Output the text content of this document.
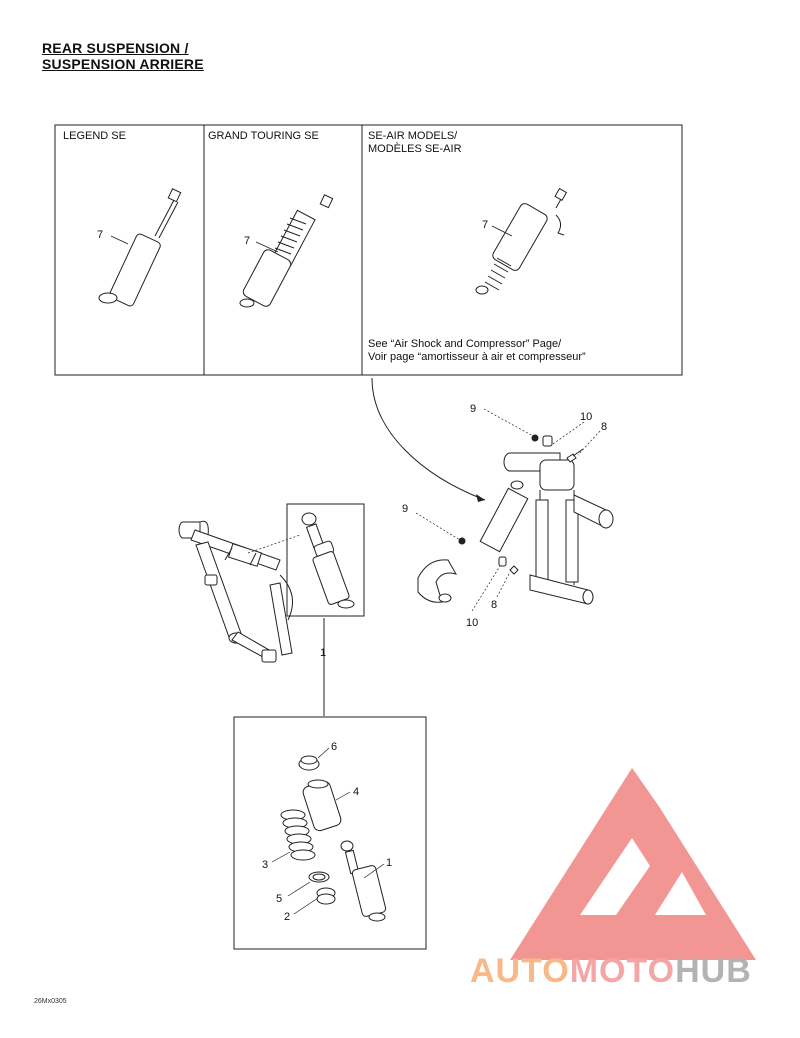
REAR SUSPENSION /
SUSPENSION ARRIERE
LEGEND SE	GRAND TOURING SE	SE-AIR MODELS/
MODÈLES SE-AIR
See “Air Shock and Compressor” Page/
Voir page “amortisseur à air et compresseur”
7	7
7
9
10
8
9
8
10
1
6
4
3	1
5
2
26Mx0305
AUTOMOTOHUB
